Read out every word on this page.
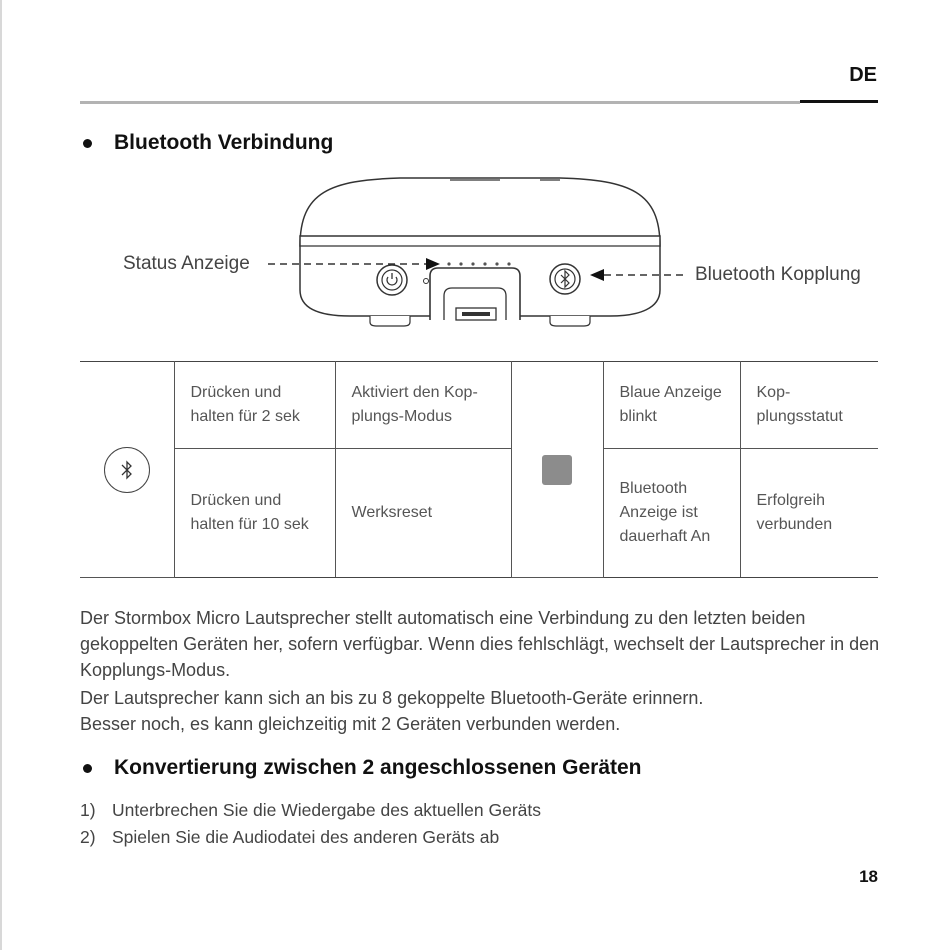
DE
Bluetooth Verbindung
Status Anzeige
Bluetooth Kopplung
	Drücken und halten für 2 sek	Aktiviert den Kop-plungs-Modus		Blaue Anzeige blinkt	Kop-plungsstatut
	Drücken und halten für 10 sek	Werksreset		Bluetooth Anzeige ist dauerhaft An	Erfolgreih verbunden

Der Stormbox Micro Lautsprecher stellt automatisch eine Verbindung zu den letzten beiden gekoppelten Geräten her, sofern verfügbar. Wenn dies fehlschlägt, wechselt der Lautsprecher in den Kopplungs-Modus.

Der Lautsprecher kann sich an bis zu 8 gekoppelte Bluetooth-Geräte erinnern.

Besser noch, es kann gleichzeitig mit 2 Geräten verbunden werden.

Konvertierung zwischen 2 angeschlossenen Geräten
1) Unterbrechen Sie die Wiedergabe des aktuellen Geräts
2) Spielen Sie die Audiodatei des anderen Geräts ab
18
